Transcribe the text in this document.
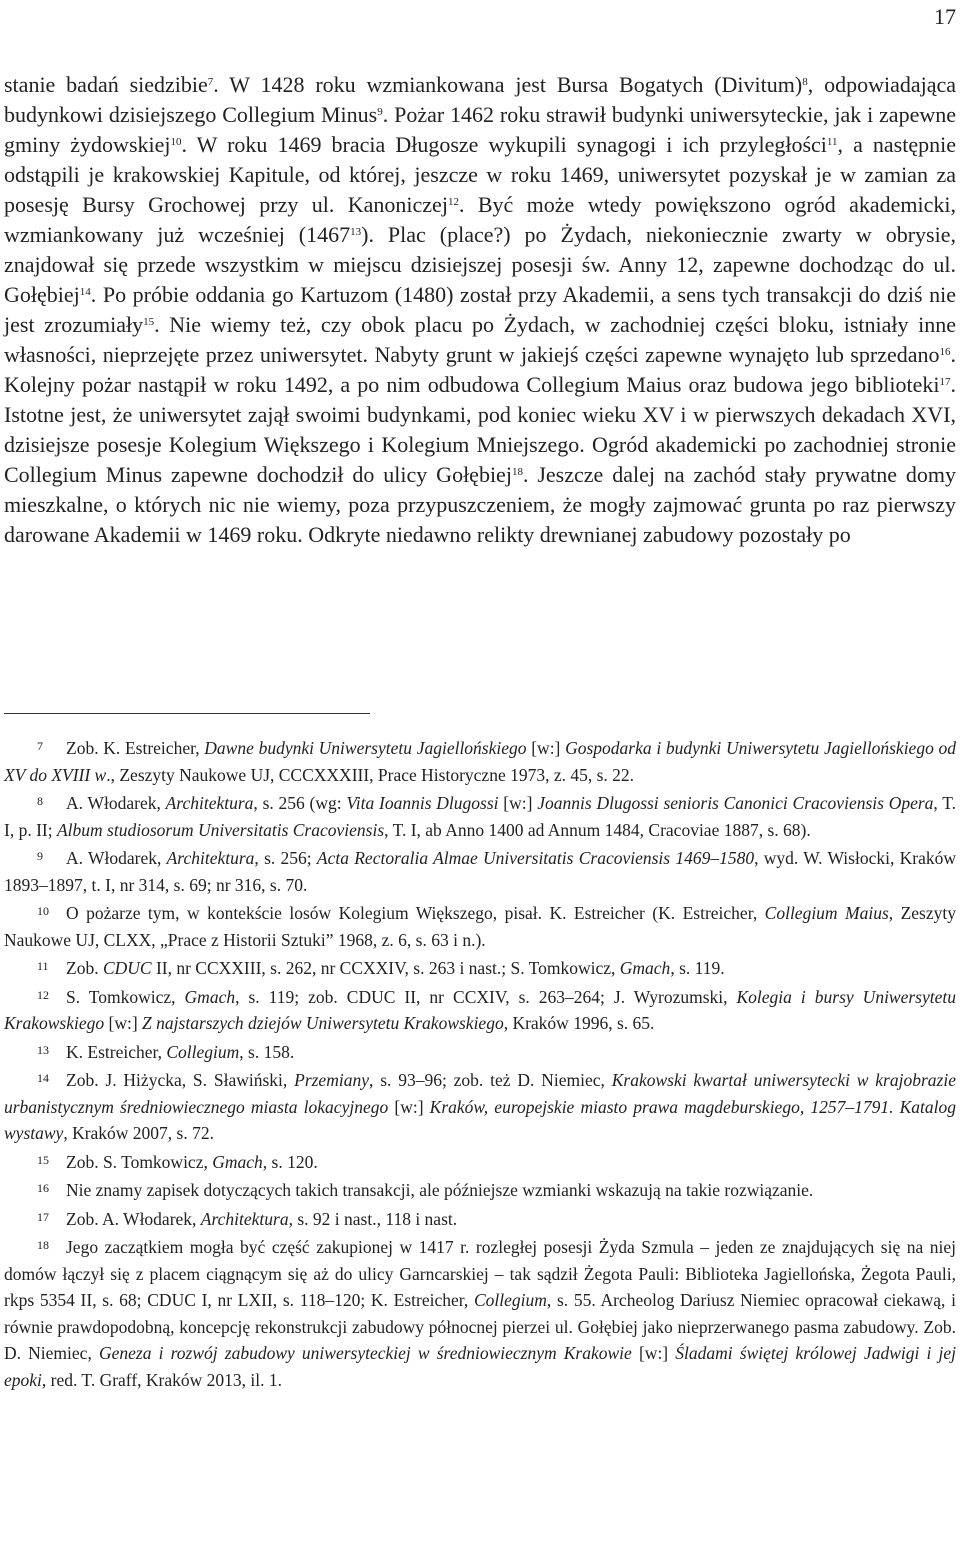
17

stanie badań siedzibie$^7$. W 1428 roku wzmiankowana jest Bursa Bogatych (Divitum)$^8$, odpowiadająca budynkowi dzisiejszego Collegium Minus$^9$. Pożar 1462 roku strawił budynki uniwersyteckie, jak i zapewne gminy żydowskiej$^{10}$. W roku 1469 bracia Długosze wykupili synagogi i ich przyległości$^{11}$, a następnie odstąpili je krakowskiej Kapitule, od której, jeszcze w roku 1469, uniwersytet pozyskał je w zamian za posesję Bursy Grochowej przy ul. Kanoniczej$^{12}$. Być może wtedy powiększono ogród akademicki, wzmiankowany już wcześniej (1467$^{13}$). Plac (place?) po Żydach, niekoniecznie zwarty w obrysie, znajdował się przede wszystkim w miejscu dzisiejszej posesji św. Anny 12, zapewne dochodząc do ul. Gołębiej$^{14}$. Po próbie oddania go Kartuzom (1480) został przy Akademii, a sens tych transakcji do dziś nie jest zrozumiały$^{15}$. Nie wiemy też, czy obok placu po Żydach, w zachodniej części bloku, istniały inne własności, nieprzejęte przez uniwersytet. Nabyty grunt w jakiejś części zapewne wynajęto lub sprzedano$^{16}$. Kolejny pożar nastąpił w roku 1492, a po nim odbudowa Collegium Maius oraz budowa jego biblioteki$^{17}$. Istotne jest, że uniwersytet zajął swoimi budynkami, pod koniec wieku XV i w pierwszych dekadach XVI, dzisiejsze posesje Kolegium Większego i Kolegium Mniejszego. Ogród akademicki po zachodniej stronie Collegium Minus zapewne dochodził do ulicy Gołębiej$^{18}$. Jeszcze dalej na zachód stały prywatne domy mieszkalne, o których nic nie wiemy, poza przypuszczeniem, że mogły zajmować grunta po raz pierwszy darowane Akademii w 1469 roku. Odkryte niedawno relikty drewnianej zabudowy pozostały po

7 Zob. K. Estreicher, Dawne budynki Uniwersytetu Jagiellońskiego [w:] Gospodarka i budynki Uniwersytetu Jagiellońskiego od XV do XVIII w., Zeszyty Naukowe UJ, CCCXXXIII, Prace Historyczne 1973, z. 45, s. 22.

8 A. Włodarek, Architektura, s. 256 (wg: Vita Ioannis Dlugossi [w:] Joannis Dlugossi senioris Canonici Cracoviensis Opera, T. I, p. II; Album studiosorum Universitatis Cracoviensis, T. I, ab Anno 1400 ad Annum 1484, Cracoviae 1887, s. 68).

9 A. Włodarek, Architektura, s. 256; Acta Rectoralia Almae Universitatis Cracoviensis 1469–1580, wyd. W. Wisłocki, Kraków 1893–1897, t. I, nr 314, s. 69; nr 316, s. 70.

10 O pożarze tym, w kontekście losów Kolegium Większego, pisał. K. Estreicher (K. Estreicher, Collegium Maius, Zeszyty Naukowe UJ, CLXX, „Prace z Historii Sztuki” 1968, z. 6, s. 63 i n.).

11 Zob. CDUC II, nr CCXXIII, s. 262, nr CCXXIV, s. 263 i nast.; S. Tomkowicz, Gmach, s. 119.

12 S. Tomkowicz, Gmach, s. 119; zob. CDUC II, nr CCXIV, s. 263–264; J. Wyrozumski, Kolegia i bursy Uniwersytetu Krakowskiego [w:] Z najstarszych dziejów Uniwersytetu Krakowskiego, Kraków 1996, s. 65.

13 K. Estreicher, Collegium, s. 158.

14 Zob. J. Hiżycka, S. Sławiński, Przemiany, s. 93–96; zob. też D. Niemiec, Krakowski kwartał uniwersytecki w krajobrazie urbanistycznym średniowiecznego miasta lokacyjnego [w:] Kraków, europejskie miasto prawa magdeburskiego, 1257–1791. Katalog wystawy, Kraków 2007, s. 72.

15 Zob. S. Tomkowicz, Gmach, s. 120.

16 Nie znamy zapisek dotyczących takich transakcji, ale późniejsze wzmianki wskazują na takie rozwiązanie.

17 Zob. A. Włodarek, Architektura, s. 92 i nast., 118 i nast.

18 Jego zaczątkiem mogła być część zakupionej w 1417 r. rozległej posesji Żyda Szmula – jeden ze znajdujących się na niej domów łączył się z placem ciągnącym się aż do ulicy Garncarskiej – tak sądził Żegota Pauli: Biblioteka Jagiellońska, Żegota Pauli, rkps 5354 II, s. 68; CDUC I, nr LXII, s. 118–120; K. Estreicher, Collegium, s. 55. Archeolog Dariusz Niemiec opracował ciekawą, i równie prawdopodobną, koncepcję rekonstrukcji zabudowy północnej pierzei ul. Gołębiej jako nieprzerwanego pasma zabudowy. Zob. D. Niemiec, Geneza i rozwój zabudowy uniwersyteckiej w średniowiecznym Krakowie [w:] Śladami świętej królowej Jadwigi i jej epoki, red. T. Graff, Kraków 2013, il. 1.
